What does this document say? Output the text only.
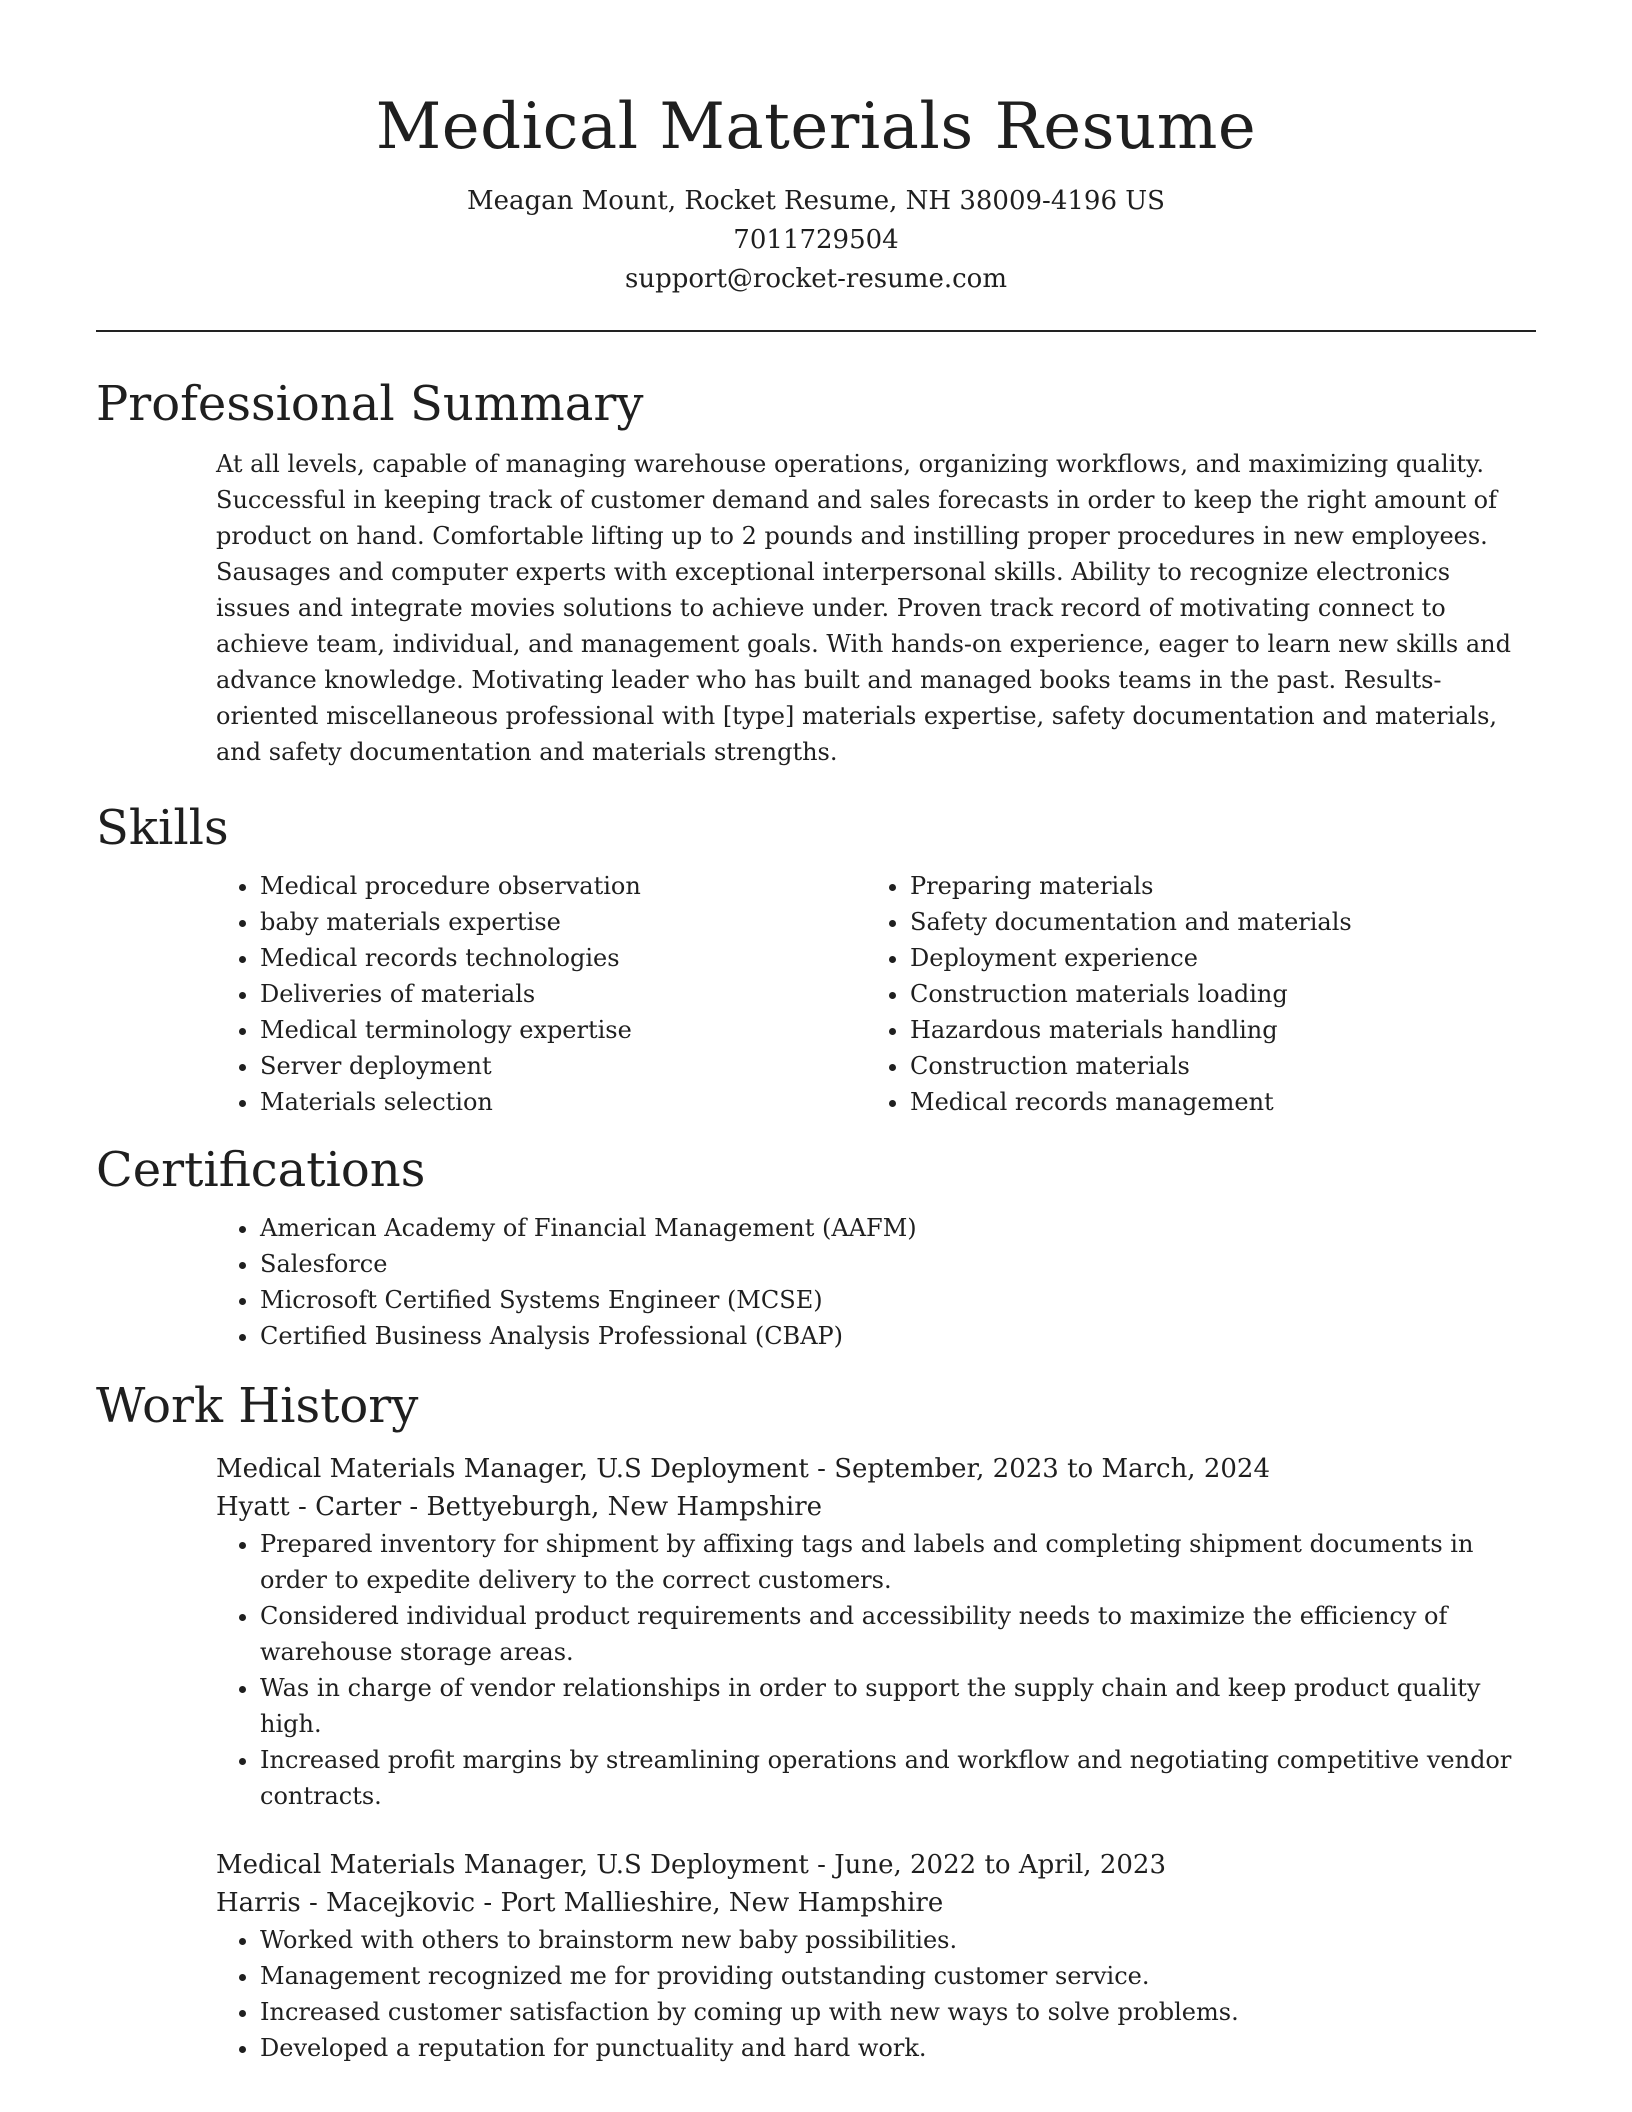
Medical Materials Resume
Meagan Mount, Rocket Resume, NH 38009-4196 US
7011729504
support@rocket-resume.com
Professional Summary

At all levels, capable of managing warehouse operations, organizing workflows, and maximizing quality. Successful in keeping track of customer demand and sales forecasts in order to keep the right amount of product on hand. Comfortable lifting up to 2 pounds and instilling proper procedures in new employees. Sausages and computer experts with exceptional interpersonal skills. Ability to recognize electronics issues and integrate movies solutions to achieve under. Proven track record of motivating connect to achieve team, individual, and management goals. With hands-on experience, eager to learn new skills and advance knowledge. Motivating leader who has built and managed books teams in the past. Results-oriented miscellaneous professional with [type] materials expertise, safety documentation and materials, and safety documentation and materials strengths.

Skills
• Medical procedure observation
• baby materials expertise
• Medical records technologies
• Deliveries of materials
• Medical terminology expertise
• Server deployment
• Materials selection
• Preparing materials
• Safety documentation and materials
• Deployment experience
• Construction materials loading
• Hazardous materials handling
• Construction materials
• Medical records management
Certifications
• American Academy of Financial Management (AAFM)
• Salesforce
• Microsoft Certified Systems Engineer (MCSE)
• Certified Business Analysis Professional (CBAP)
Work History
Medical Materials Manager, U.S Deployment - September, 2023 to March, 2024
Hyatt - Carter - Bettyeburgh, New Hampshire
• Prepared inventory for shipment by affixing tags and labels and completing shipment documents in order to expedite delivery to the correct customers.
• Considered individual product requirements and accessibility needs to maximize the efficiency of warehouse storage areas.
• Was in charge of vendor relationships in order to support the supply chain and keep product quality high.
• Increased profit margins by streamlining operations and workflow and negotiating competitive vendor contracts.
Medical Materials Manager, U.S Deployment - June, 2022 to April, 2023
Harris - Macejkovic - Port Mallieshire, New Hampshire
• Worked with others to brainstorm new baby possibilities.
• Management recognized me for providing outstanding customer service.
• Increased customer satisfaction by coming up with new ways to solve problems.
• Developed a reputation for punctuality and hard work.
